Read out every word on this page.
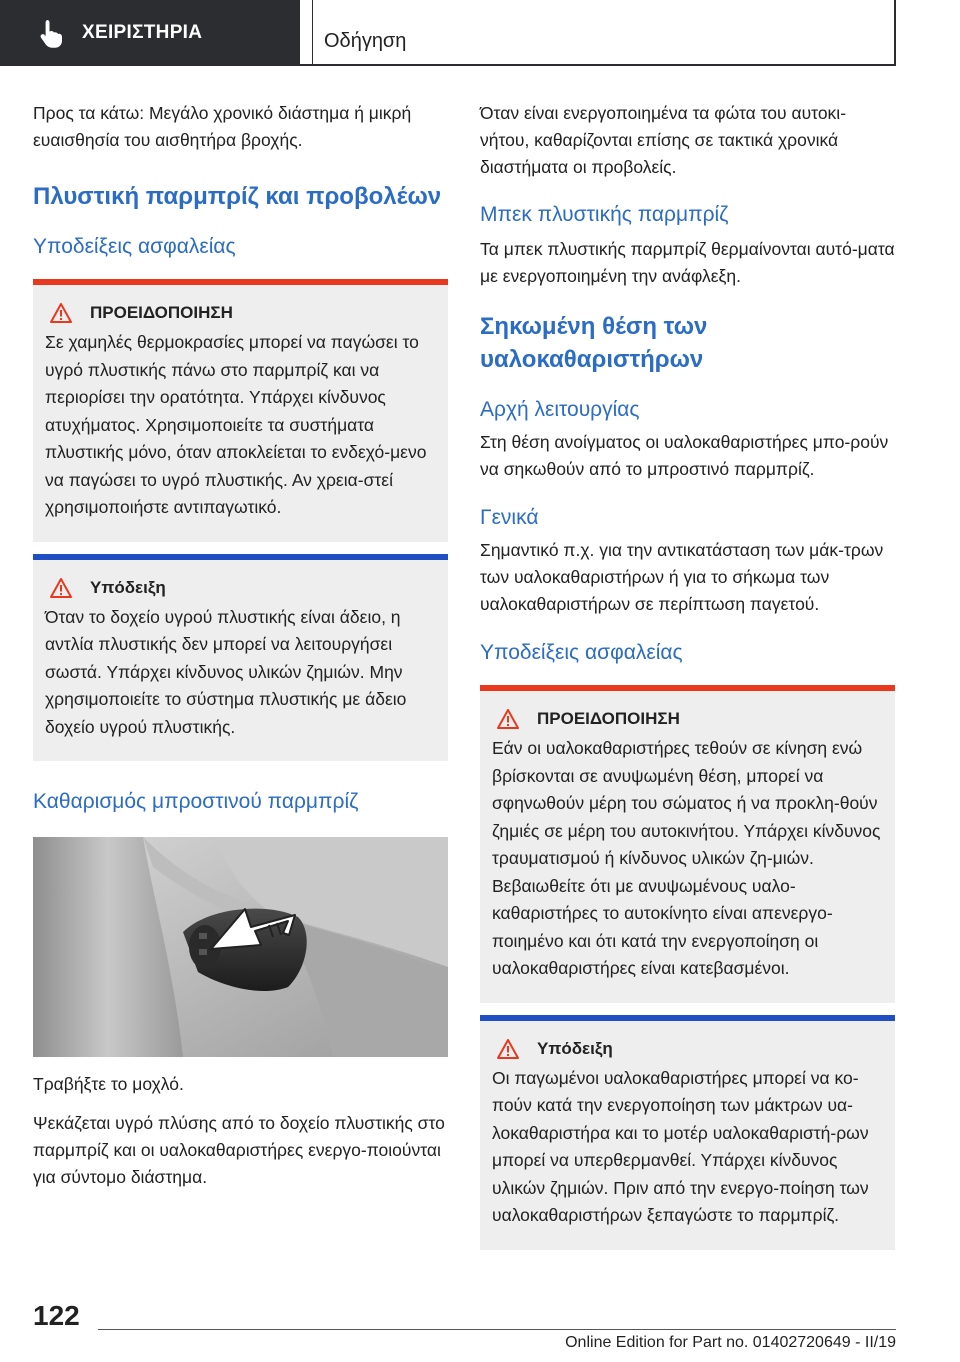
ΧΕΙΡΙΣΤΗΡΙΑ	Οδήγηση

Προς τα κάτω: Μεγάλο χρονικό διάστημα ή μικρή ευαισθησία του αισθητήρα βροχής.

Πλυστική παρμπρίζ και προβολέων
Υποδείξεις ασφαλείας
ΠΡΟΕΙΔΟΠΟΙΗΣΗ

Σε χαμηλές θερμοκρασίες μπορεί να παγώσει το υγρό πλυστικής πάνω στο παρμπρίζ και να περιορίσει την ορατότητα. Υπάρχει κίνδυνος ατυχήματος. Χρησιμοποιείτε τα συστήματα πλυστικής μόνο, όταν αποκλείεται το ενδεχό-μενο να παγώσει το υγρό πλυστικής. Αν χρεια-στεί χρησιμοποιήστε αντιπαγωτικό.

Υπόδειξη

Όταν το δοχείο υγρού πλυστικής είναι άδειο, η αντλία πλυστικής δεν μπορεί να λειτουργήσει σωστά. Υπάρχει κίνδυνος υλικών ζημιών. Μην χρησιμοποιείτε το σύστημα πλυστικής με άδειο δοχείο υγρού πλυστικής.

Καθαρισμός μπροστινού παρμπρίζ

Τραβήξτε το μοχλό.

Ψεκάζεται υγρό πλύσης από το δοχείο πλυστικής στο παρμπρίζ και οι υαλοκαθαριστήρες ενεργο-ποιούνται για σύντομο διάστημα.

Όταν είναι ενεργοποιημένα τα φώτα του αυτοκι-νήτου, καθαρίζονται επίσης σε τακτικά χρονικά διαστήματα οι προβολείς.

Μπεκ πλυστικής παρμπρίζ

Τα μπεκ πλυστικής παρμπρίζ θερμαίνονται αυτό-ματα με ενεργοποιημένη την ανάφλεξη.

Σηκωμένη θέση των υαλοκαθαριστήρων
Αρχή λειτουργίας

Στη θέση ανοίγματος οι υαλοκαθαριστήρες μπο-ρούν να σηκωθούν από το μπροστινό παρμπρίζ.

Γενικά

Σημαντικό π.χ. για την αντικατάσταση των μάκ-τρων των υαλοκαθαριστήρων ή για το σήκωμα των υαλοκαθαριστήρων σε περίπτωση παγετού.

Υποδείξεις ασφαλείας
ΠΡΟΕΙΔΟΠΟΙΗΣΗ

Εάν οι υαλοκαθαριστήρες τεθούν σε κίνηση ενώ βρίσκονται σε ανυψωμένη θέση, μπορεί να σφηνωθούν μέρη του σώματος ή να προκλη-θούν ζημιές σε μέρη του αυτοκινήτου. Υπάρχει κίνδυνος τραυματισμού ή κίνδυνος υλικών ζη-μιών. Βεβαιωθείτε ότι με ανυψωμένους υαλο-καθαριστήρες το αυτοκίνητο είναι απενεργο-ποιημένο και ότι κατά την ενεργοποίηση οι υαλοκαθαριστήρες είναι κατεβασμένοι.

Υπόδειξη

Οι παγωμένοι υαλοκαθαριστήρες μπορεί να κο-πούν κατά την ενεργοποίηση των μάκτρων υα-λοκαθαριστήρα και το μοτέρ υαλοκαθαριστή-ρων μπορεί να υπερθερμανθεί. Υπάρχει κίνδυνος υλικών ζημιών. Πριν από την ενεργο-ποίηση των υαλοκαθαριστήρων ξεπαγώστε το παρμπρίζ.

122
Online Edition for Part no. 01402720649 - II/19
